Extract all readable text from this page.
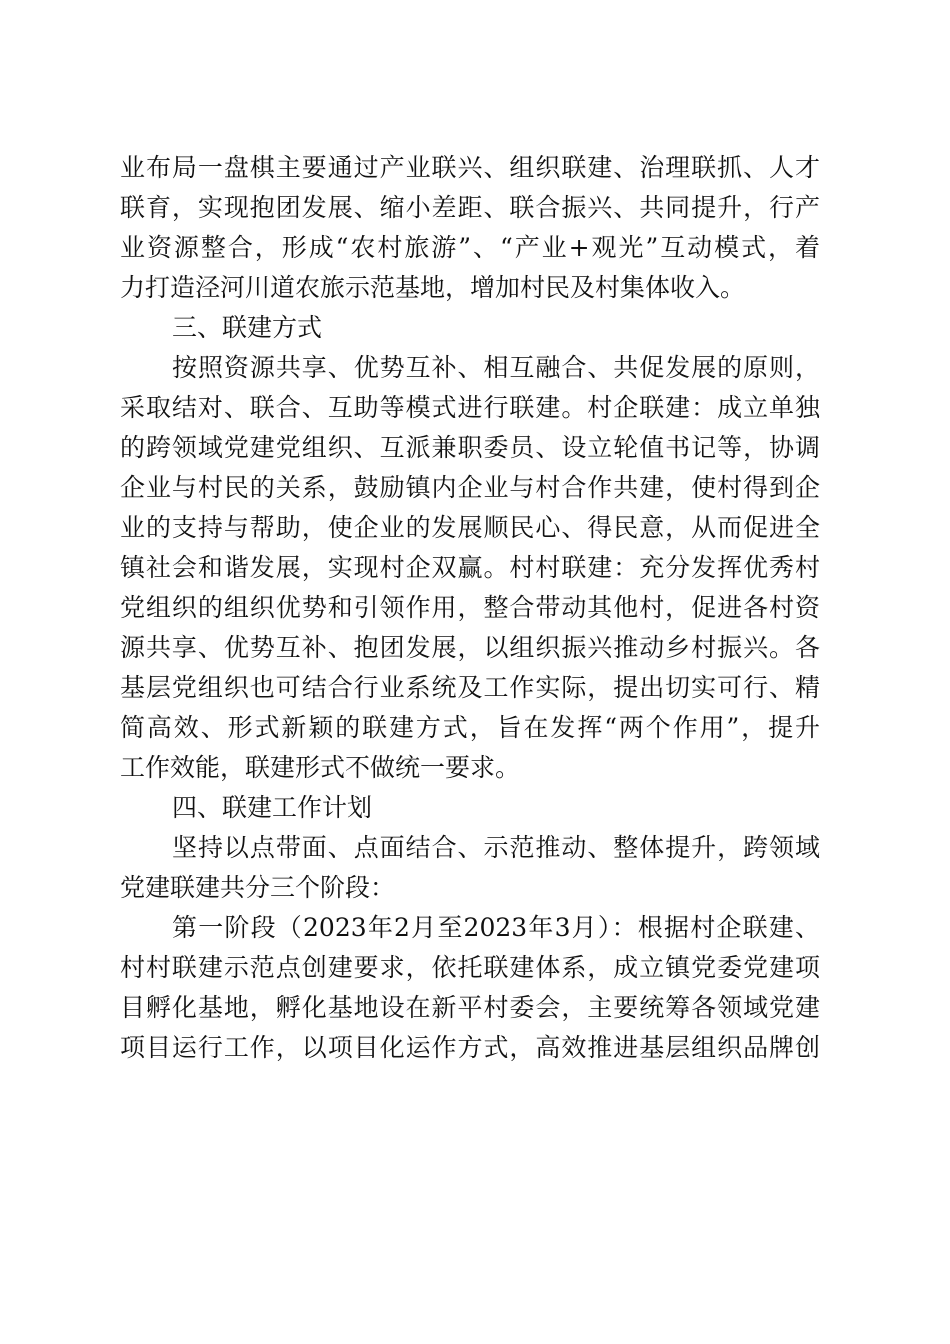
业布局一盘棋主要通过产业联兴、组织联建、治理联抓、人才
联育，实现抱团发展、缩小差距、联合振兴、共同提升，行产
业资源整合，形成“农村旅游”、“产业+观光”互动模式，着
力打造泾河川道农旅示范基地，增加村民及村集体收入。
三、联建方式
按照资源共享、优势互补、相互融合、共促发展的原则，
采取结对、联合、互助等模式进行联建。村企联建：成立单独
的跨领域党建党组织、互派兼职委员、设立轮值书记等，协调
企业与村民的关系，鼓励镇内企业与村合作共建，使村得到企
业的支持与帮助，使企业的发展顺民心、得民意，从而促进全
镇社会和谐发展，实现村企双赢。村村联建：充分发挥优秀村
党组织的组织优势和引领作用，整合带动其他村，促进各村资
源共享、优势互补、抱团发展，以组织振兴推动乡村振兴。各
基层党组织也可结合行业系统及工作实际，提出切实可行、精
简高效、形式新颖的联建方式，旨在发挥“两个作用”，提升
工作效能，联建形式不做统一要求。
四、联建工作计划
坚持以点带面、点面结合、示范推动、整体提升，跨领域
党建联建共分三个阶段：
第一阶段（2023年2月至2023年3月）：根据村企联建、
村村联建示范点创建要求，依托联建体系，成立镇党委党建项
目孵化基地，孵化基地设在新平村委会，主要统筹各领域党建
项目运行工作，以项目化运作方式，高效推进基层组织品牌创
